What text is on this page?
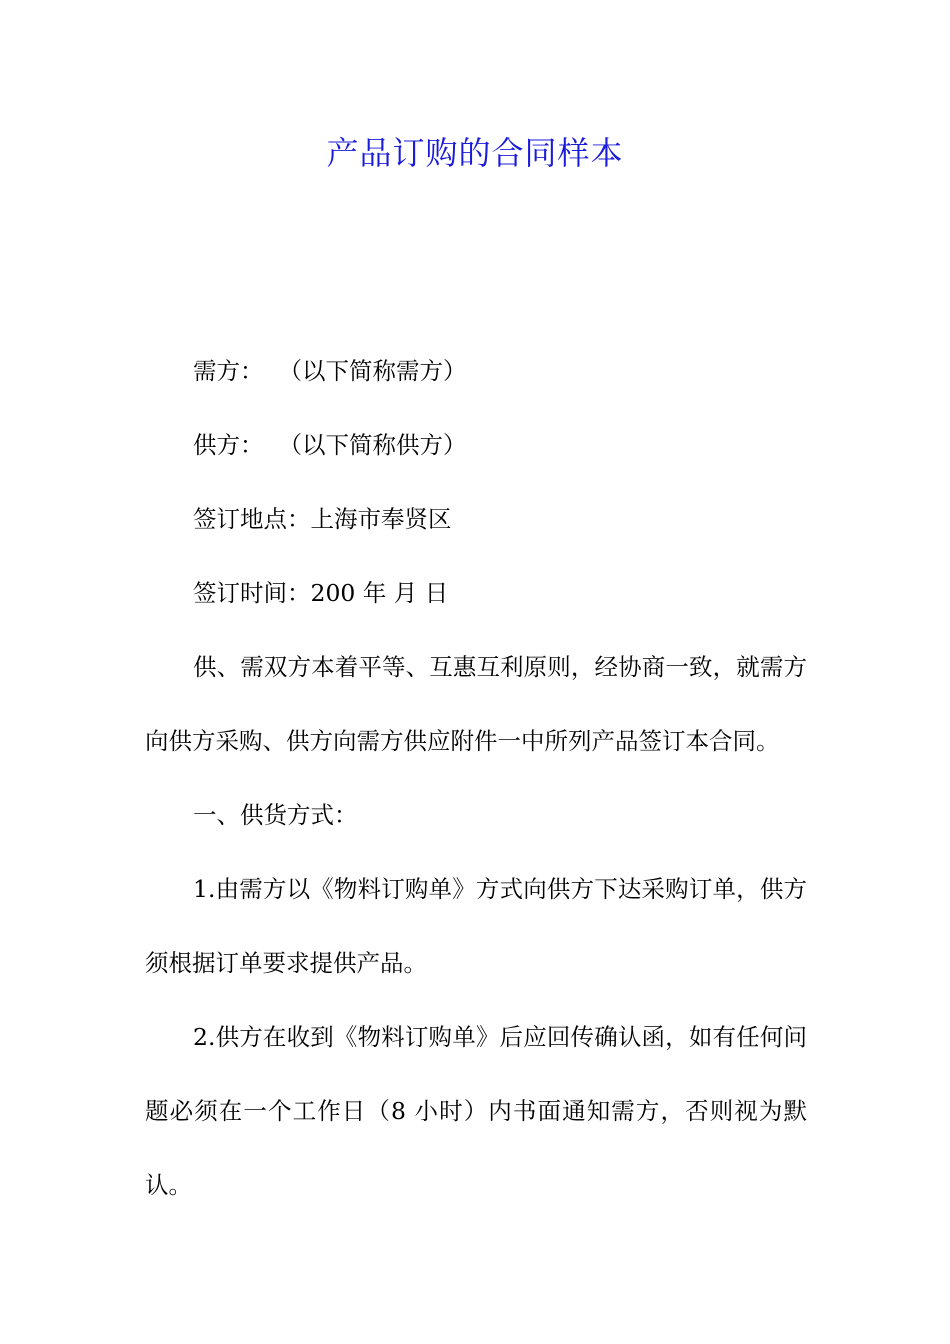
产品订购的合同样本

需方：  （以下简称需方）

供方：  （以下简称供方）

签订地点：上海市奉贤区

签订时间：200 年 月 日

供、需双方本着平等、互惠互利原则，经协商一致，就需方向供方采购、供方向需方供应附件一中所列产品签订本合同。

一、供货方式：

1.由需方以《物料订购单》方式向供方下达采购订单，供方须根据订单要求提供产品。

2.供方在收到《物料订购单》后应回传确认函，如有任何问题必须在一个工作日（8 小时）内书面通知需方，否则视为默认。
